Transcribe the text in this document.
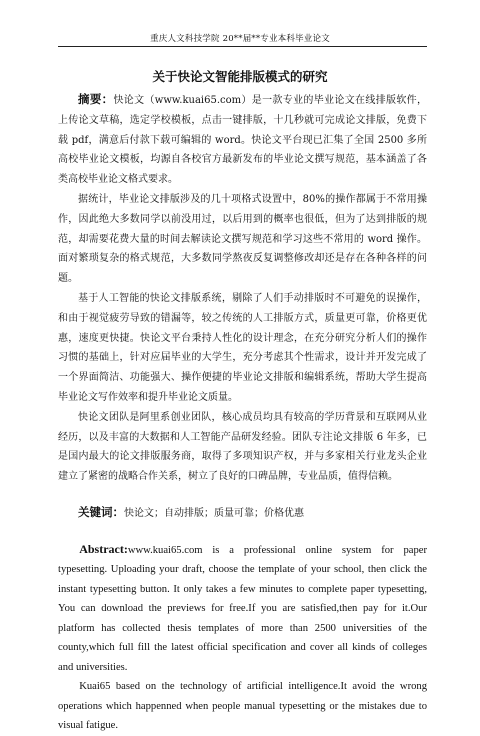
重庆人文科技学院 20**届**专业本科毕业论文
关于快论文智能排版模式的研究

摘要：快论文（www.kuai65.com）是一款专业的毕业论文在线排版软件，上传论文草稿，选定学校模板，点击一键排版，十几秒就可完成论文排版，免费下载 pdf，满意后付款下载可编辑的 word。快论文平台现已汇集了全国 2500 多所高校毕业论文模板，均源自各校官方最新发布的毕业论文撰写规范，基本涵盖了各类高校毕业论文格式要求。

据统计，毕业论文排版涉及的几十项格式设置中，80%的操作都属于不常用操作，因此绝大多数同学以前没用过，以后用到的概率也很低，但为了达到排版的规范，却需要花费大量的时间去解读论文撰写规范和学习这些不常用的 word 操作。面对繁琐复杂的格式规范，大多数同学熬夜反复调整修改却还是存在各种各样的问题。

基于人工智能的快论文排版系统，剔除了人们手动排版时不可避免的误操作，和由于视觉疲劳导致的错漏等，较之传统的人工排版方式，质量更可靠，价格更优惠，速度更快捷。快论文平台秉持人性化的设计理念，在充分研究分析人们的操作习惯的基础上，针对应届毕业的大学生，充分考虑其个性需求，设计并开发完成了一个界面简洁、功能强大、操作便捷的毕业论文排版和编辑系统，帮助大学生提高毕业论文写作效率和提升毕业论文质量。

快论文团队是阿里系创业团队，核心成员均具有较高的学历背景和互联网从业经历，以及丰富的大数据和人工智能产品研发经验。团队专注论文排版 6 年多，已是国内最大的论文排版服务商，取得了多项知识产权，并与多家相关行业龙头企业建立了紧密的战略合作关系，树立了良好的口碑品牌，专业品质，值得信赖。

关键词：快论文；自动排版；质量可靠；价格优惠

Abstract:www.kuai65.com is a professional online system for paper typesetting. Uploading your draft, choose the template of your school, then click the instant typesetting button. It only takes a few minutes to complete paper typesetting, You can download the previews for free.If you are satisfied,then pay for it.Our platform has collected thesis templates of more than 2500 universities of the county,which full fill the latest official specification and cover all kinds of colleges and universities.

Kuai65 based on the technology of artificial intelligence.It avoid the wrong operations which happenned when people manual typesetting or the mistakes due to visual fatigue.
